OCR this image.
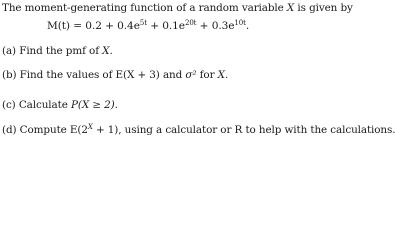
The moment-generating function of a random variable X is given by
$M(t) = 0.2 + 0.4e^{5t} + 0.1e^{20t} + 0.3e^{10t}$.
(a) Find the pmf of X.
(b) Find the values of E(X + 3) and σ² for X.
(c) Calculate P(X ≥ 2).
(d) Compute $E(2^X + 1)$, using a calculator or R to help with the calculations.
